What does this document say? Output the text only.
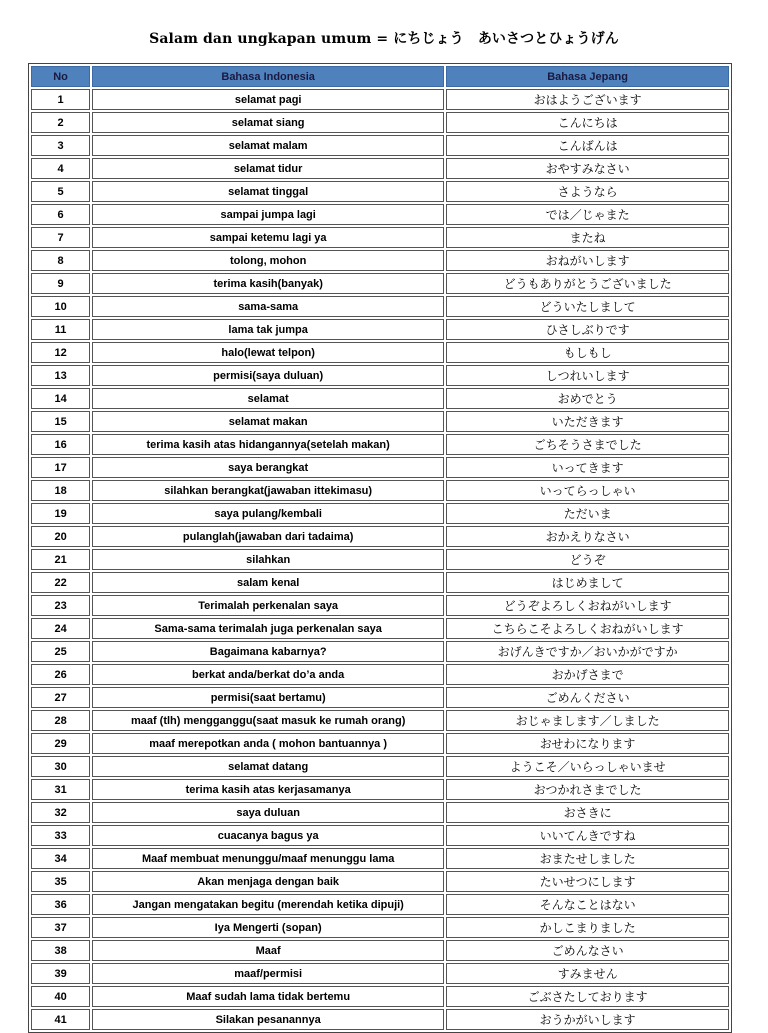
Salam dan ungkapan umum = にちじょう　あいさつとひょうげん
No	Bahasa Indonesia	Bahasa Jepang
1	selamat pagi	おはようございます
2	selamat siang	こんにちは
3	selamat malam	こんばんは
4	selamat tidur	おやすみなさい
5	selamat tinggal	さようなら
6	sampai jumpa lagi	では／じゃまた
7	sampai ketemu lagi ya	またね
8	tolong, mohon	おねがいします
9	terima kasih(banyak)	どうもありがとうございました
10	sama-sama	どういたしまして
11	lama tak jumpa	ひさしぶりです
12	halo(lewat telpon)	もしもし
13	permisi(saya duluan)	しつれいします
14	selamat	おめでとう
15	selamat makan	いただきます
16	terima kasih atas hidangannya(setelah makan)	ごちそうさまでした
17	saya berangkat	いってきます
18	silahkan berangkat(jawaban ittekimasu)	いってらっしゃい
19	saya pulang/kembali	ただいま
20	pulanglah(jawaban dari tadaima)	おかえりなさい
21	silahkan	どうぞ
22	salam kenal	はじめまして
23	Terimalah perkenalan saya	どうぞよろしくおねがいします
24	Sama-sama terimalah juga perkenalan saya	こちらこそよろしくおねがいします
25	Bagaimana kabarnya?	おげんきですか／おいかがですか
26	berkat anda/berkat do’a anda	おかげさまで
27	permisi(saat bertamu)	ごめんください
28	maaf (tlh) mengganggu(saat masuk ke rumah orang)	おじゃまします／しました
29	maaf merepotkan anda ( mohon bantuannya )	おせわになります
30	selamat datang	ようこそ／いらっしゃいませ
31	terima kasih atas kerjasamanya	おつかれさまでした
32	saya duluan	おさきに
33	cuacanya bagus ya	いいてんきですね
34	Maaf membuat menunggu/maaf menunggu lama	おまたせしました
35	Akan menjaga dengan baik	たいせつにします
36	Jangan mengatakan begitu (merendah ketika dipuji)	そんなことはない
37	Iya Mengerti (sopan)	かしこまりました
38	Maaf	ごめんなさい
39	maaf/permisi	すみません
40	Maaf sudah lama tidak bertemu	ごぶさたしております
41	Silakan pesanannya	おうかがいします
